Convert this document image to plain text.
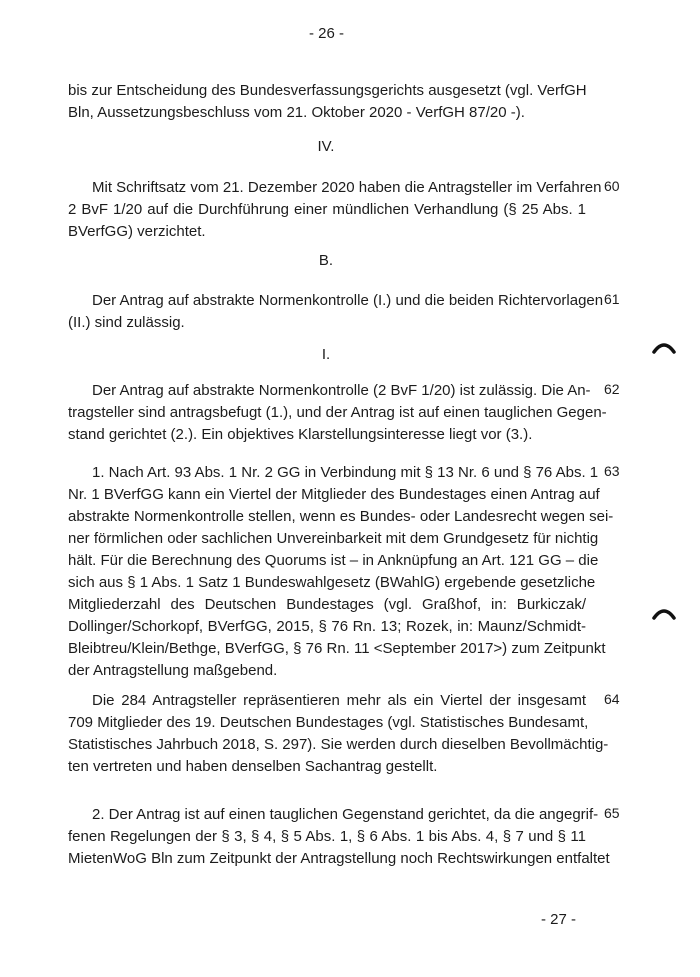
- 26 -
bis zur Entscheidung des Bundesverfassungsgerichts ausgesetzt (vgl. VerfGH
Bln, Aussetzungsbeschluss vom 21. Oktober 2020 - VerfGH 87/20 -).
IV.
Mit Schriftsatz vom 21. Dezember 2020 haben die Antragsteller im Verfahren
2 BvF 1/20 auf die Durchführung einer mündlichen Verhandlung (§ 25 Abs. 1
BVerfGG) verzichtet.
60
B.
Der Antrag auf abstrakte Normenkontrolle (I.) und die beiden Richtervorlagen
(II.) sind zulässig.
61
I.
Der Antrag auf abstrakte Normenkontrolle (2 BvF 1/20) ist zulässig. Die An-
tragsteller sind antragsbefugt (1.), und der Antrag ist auf einen tauglichen Gegen-
stand gerichtet (2.). Ein objektives Klarstellungsinteresse liegt vor (3.).
62
1. Nach Art. 93 Abs. 1 Nr. 2 GG in Verbindung mit § 13 Nr. 6 und § 76 Abs. 1
Nr. 1 BVerfGG kann ein Viertel der Mitglieder des Bundestages einen Antrag auf
abstrakte Normenkontrolle stellen, wenn es Bundes- oder Landesrecht wegen sei-
ner förmlichen oder sachlichen Unvereinbarkeit mit dem Grundgesetz für nichtig
hält. Für die Berechnung des Quorums ist – in Anknüpfung an Art. 121 GG – die
sich aus § 1 Abs. 1 Satz 1 Bundeswahlgesetz (BWahlG) ergebende gesetzliche
Mitgliederzahl des Deutschen Bundestages (vgl. Graßhof, in: Burkiczak/
Dollinger/Schorkopf, BVerfGG, 2015, § 76 Rn. 13; Rozek, in: Maunz/Schmidt-
Bleibtreu/Klein/Bethge, BVerfGG, § 76 Rn. 11 <September 2017>) zum Zeitpunkt
der Antragstellung maßgebend.
63
Die 284 Antragsteller repräsentieren mehr als ein Viertel der insgesamt
709 Mitglieder des 19. Deutschen Bundestages (vgl. Statistisches Bundesamt,
Statistisches Jahrbuch 2018, S. 297). Sie werden durch dieselben Bevollmächtig-
ten vertreten und haben denselben Sachantrag gestellt.
64
2. Der Antrag ist auf einen tauglichen Gegenstand gerichtet, da die angegrif-
fenen Regelungen der § 3, § 4, § 5 Abs. 1, § 6 Abs. 1 bis Abs. 4, § 7 und § 11
MietenWoG Bln zum Zeitpunkt der Antragstellung noch Rechtswirkungen entfaltet
65
- 27 -
